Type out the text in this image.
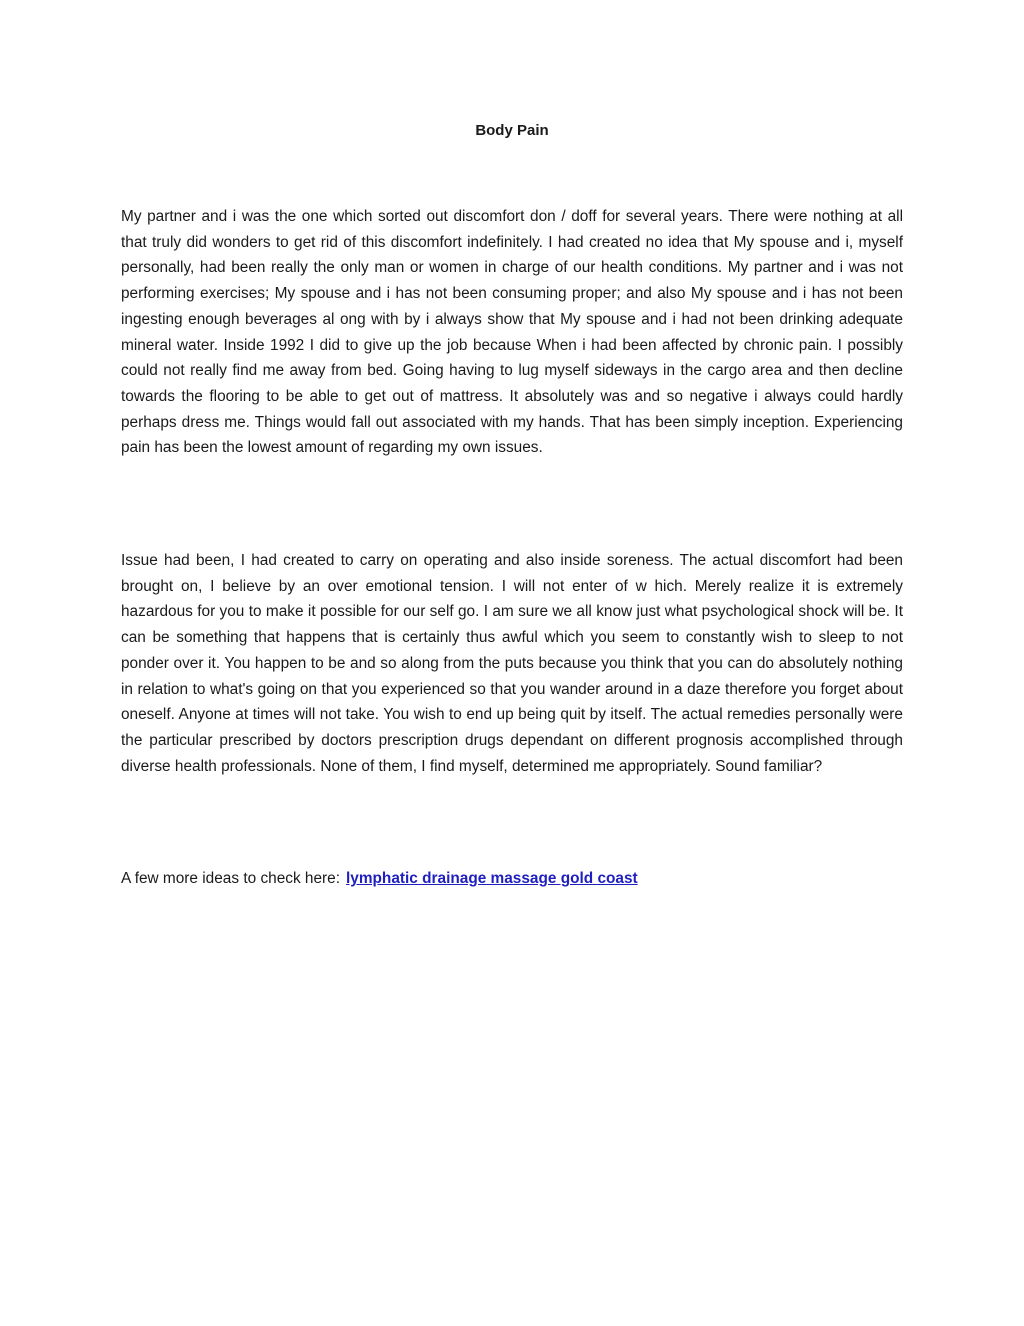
Body Pain

My partner and i was the one which sorted out discomfort don / doff for several years. There were nothing at all that truly did wonders to get rid of this discomfort indefinitely. I had created no idea that My spouse and i, myself personally, had been really the only man or women in charge of our health conditions. My partner and i was not performing exercises; My spouse and i has not been consuming proper; and also My spouse and i has not been ingesting enough beverages al ong with by i always show that My spouse and i had not been drinking adequate mineral water. Inside 1992 I did to give up the job because When i had been affected by chronic pain. I possibly could not really find me away from bed. Going having to lug myself sideways in the cargo area and then decline towards the flooring to be able to get out of mattress. It absolutely was and so negative i always could hardly perhaps dress me. Things would fall out associated with my hands. That has been simply inception. Experiencing pain has been the lowest amount of regarding my own issues.

Issue had been, I had created to carry on operating and also inside soreness. The actual discomfort had been brought on, I believe by an over emotional tension. I will not enter of w hich. Merely realize it is extremely hazardous for you to make it possible for our self go. I am sure we all know just what psychological shock will be. It can be something that happens that is certainly thus awful which you seem to constantly wish to sleep to not ponder over it. You happen to be and so along from the puts because you think that you can do absolutely nothing in relation to what's going on that you experienced so that you wander around in a daze therefore you forget about oneself. Anyone at times will not take. You wish to end up being quit by itself. The actual remedies personally were the particular prescribed by doctors prescription drugs dependant on different prognosis accomplished through diverse health professionals. None of them, I find myself, determined me appropriately. Sound familiar?

A few more ideas to check here: lymphatic drainage massage gold coast
